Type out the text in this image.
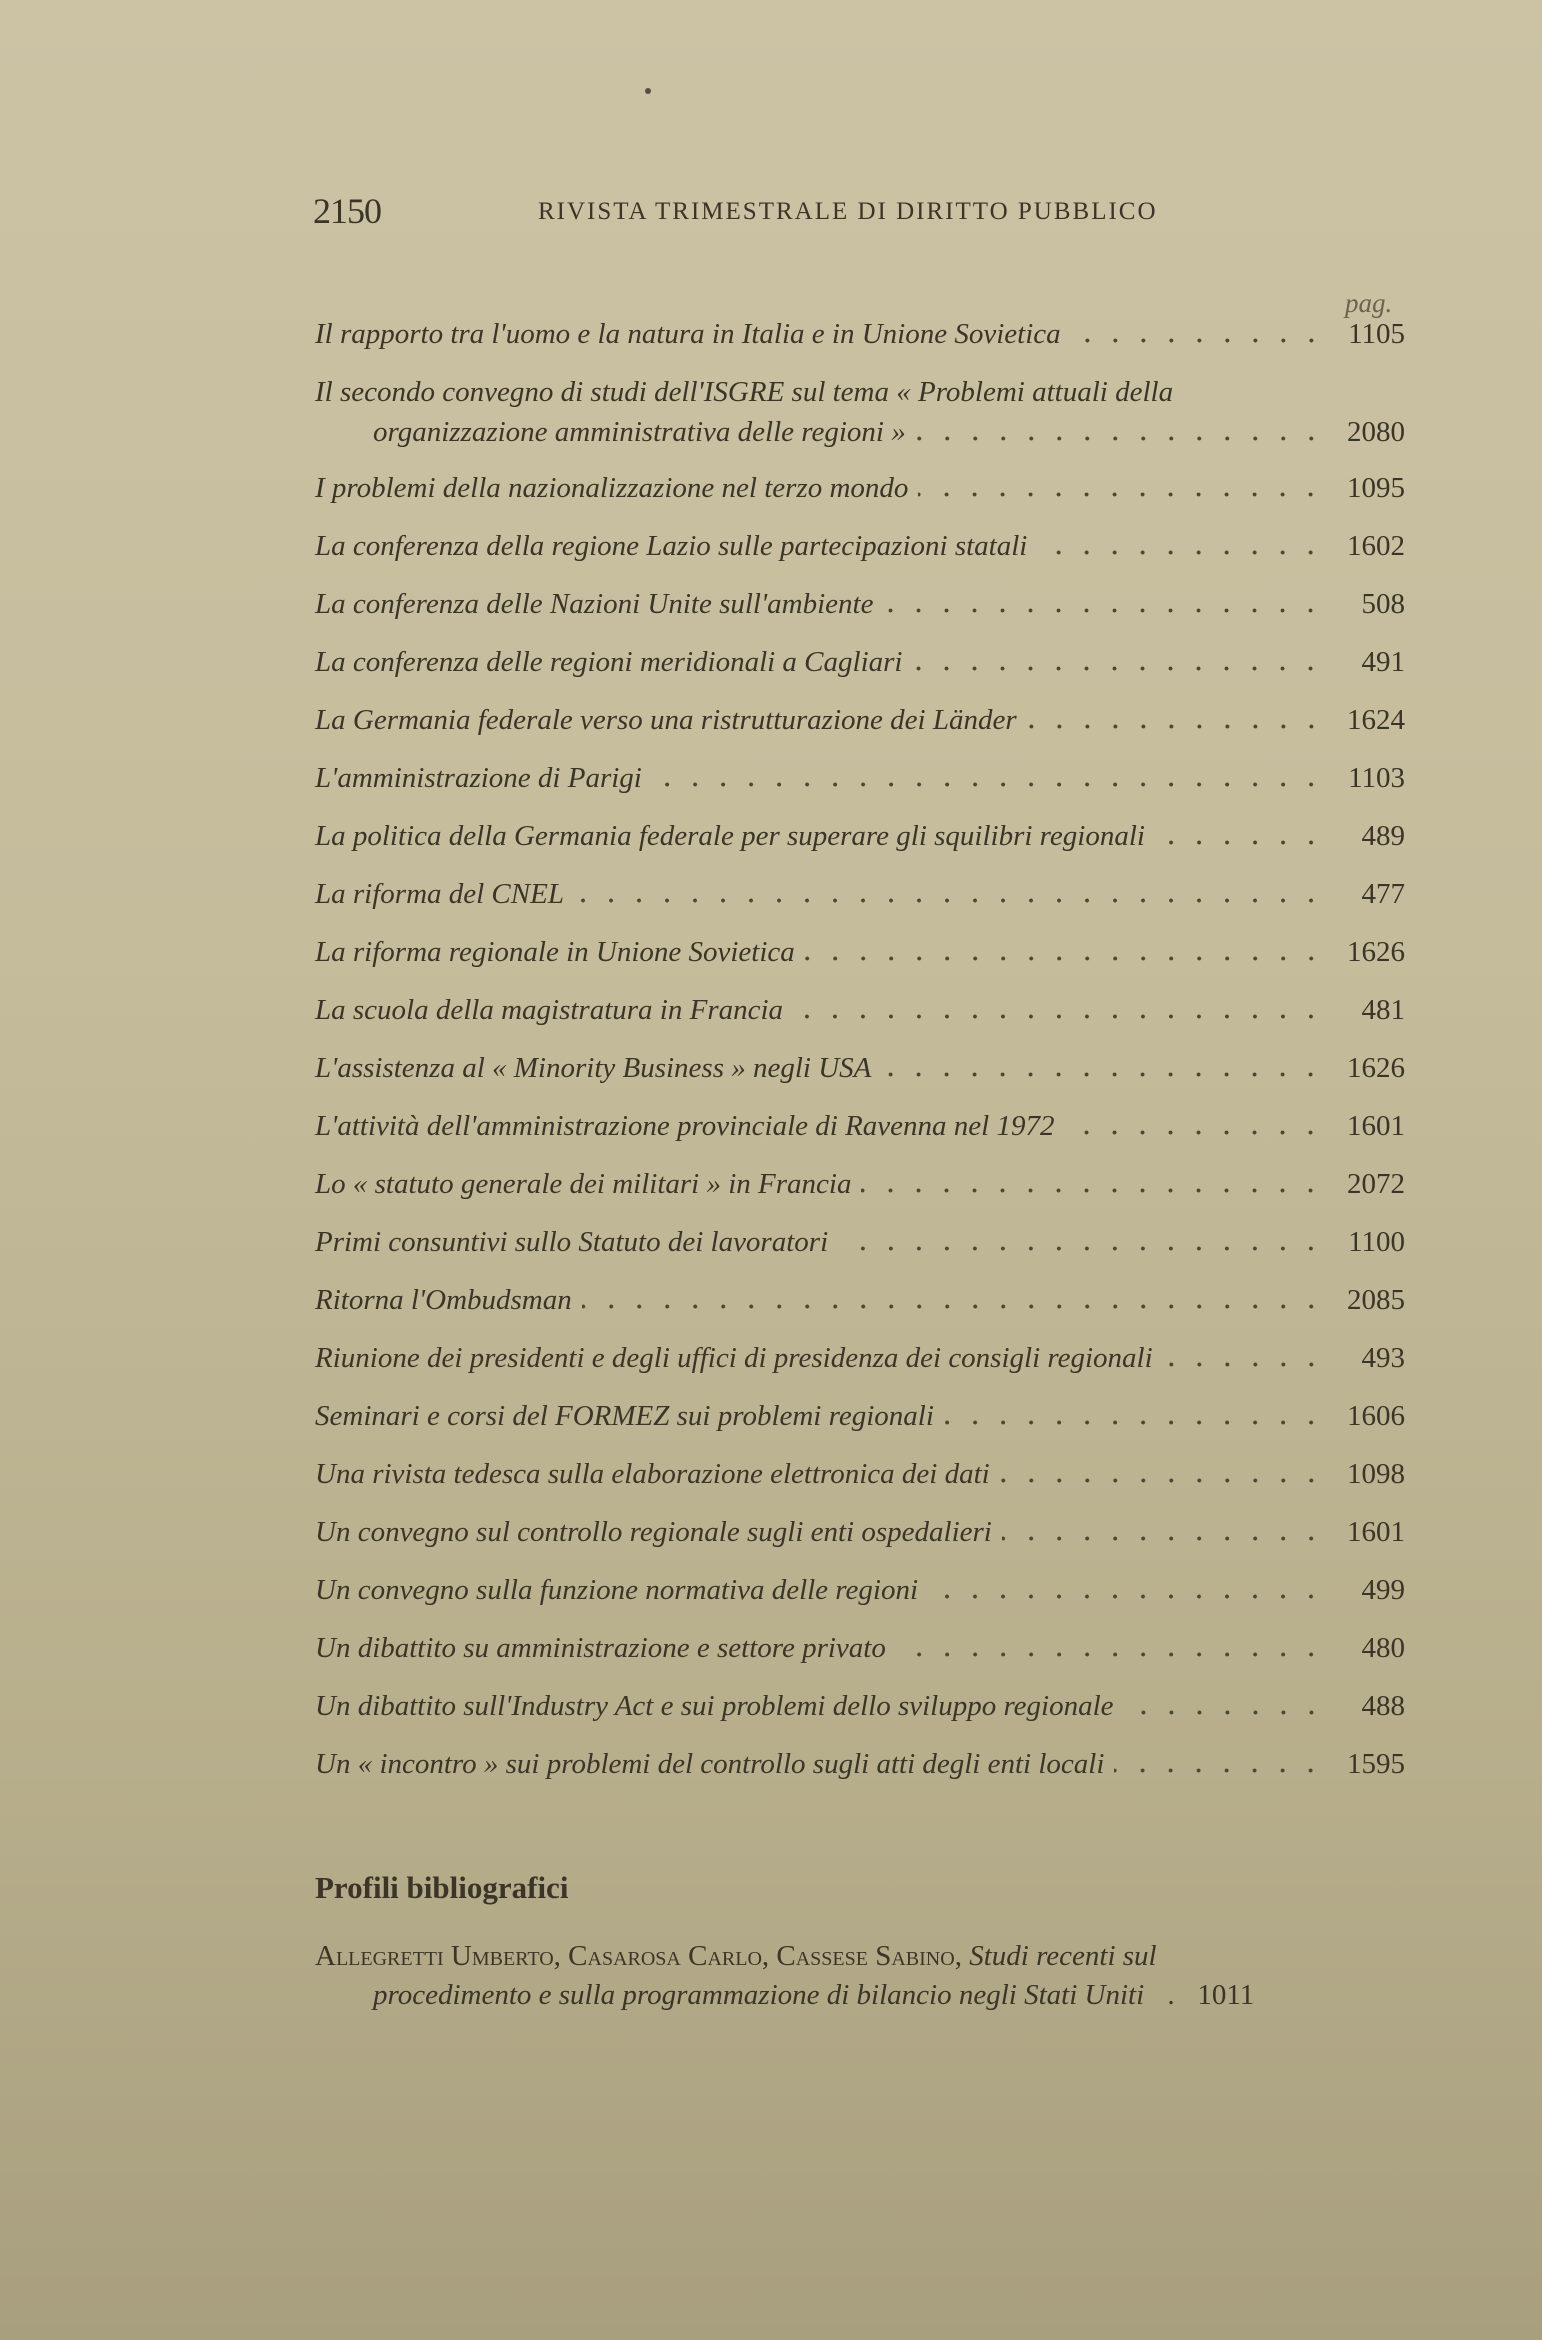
2150	RIVISTA TRIMESTRALE DI DIRITTO PUBBLICO
pag.
Il rapporto tra l'uomo e la natura in Italia e in Unione Sovietica	1105
Il secondo convegno di studi dell'ISGRE sul tema « Problemi attuali della
organizzazione amministrativa delle regioni »	2080
I problemi della nazionalizzazione nel terzo mondo	1095
La conferenza della regione Lazio sulle partecipazioni statali	1602
La conferenza delle Nazioni Unite sull'ambiente	508
La conferenza delle regioni meridionali a Cagliari	491
La Germania federale verso una ristrutturazione dei Länder	1624
L'amministrazione di Parigi	1103
La politica della Germania federale per superare gli squilibri regionali	489
La riforma del CNEL	477
La riforma regionale in Unione Sovietica	1626
La scuola della magistratura in Francia	481
L'assistenza al « Minority Business » negli USA	1626
L'attività dell'amministrazione provinciale di Ravenna nel 1972	1601
Lo « statuto generale dei militari » in Francia	2072
Primi consuntivi sullo Statuto dei lavoratori	1100
Ritorna l'Ombudsman	2085
Riunione dei presidenti e degli uffici di presidenza dei consigli regionali	493
Seminari e corsi del FORMEZ sui problemi regionali	1606
Una rivista tedesca sulla elaborazione elettronica dei dati	1098
Un convegno sul controllo regionale sugli enti ospedalieri	1601
Un convegno sulla funzione normativa delle regioni	499
Un dibattito su amministrazione e settore privato	480
Un dibattito sull'Industry Act e sui problemi dello sviluppo regionale	488
Un « incontro » sui problemi del controllo sugli atti degli enti locali	1595
Profili bibliografici
Allegretti Umberto, Casarosa Carlo, Cassese Sabino, Studi recenti sul
procedimento e sulla programmazione di bilancio negli Stati Uniti . 1011
